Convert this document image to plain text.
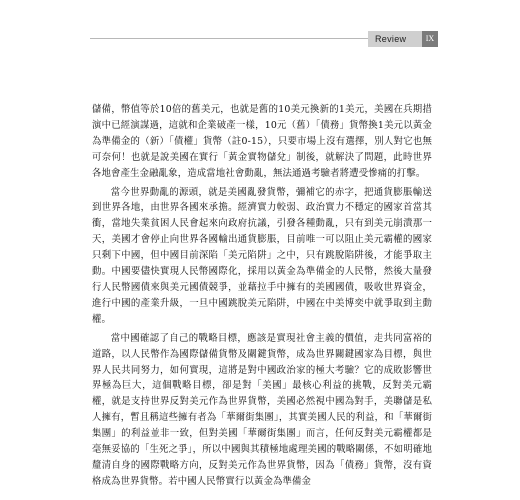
Review	IX

儲備，幣值等於10倍的舊美元，也就是舊的10美元換新的1美元，美國在兵期措演中已經演謀過，這就和企業破產一樣，10元（舊）「債務」貨幣換1美元以黃金為準備金的（新）「債權」貨幣（註0-15），只要市場上沒有選擇，別人對它也無可奈何！也就是說美國在實行「黃金實物儲兌」制後，就解決了問題，此時世界各地會產生金融亂象，造成當地社會動亂，無法通過考驗者將遭受慘痛的打擊。

當今世界動亂的源頭，就是美國亂發貨幣，彌補它的赤字，把通貨膨脹輸送到世界各地，由世界各國來承擔。經濟實力較弱、政治實力不穩定的國家首當其衝，當地失業貧困人民會起來向政府抗議，引發各種動亂，只有到美元崩潰那一天，美國才會停止向世界各國輸出通貨膨脹，目前唯一可以阻止美元霸權的國家只剩下中國，但中國目前深陷「美元陷阱」之中，只有跳脫陷阱後，才能爭取主動。中國要儘快實現人民幣國際化，採用以黃金為準備金的人民幣，然後大量發行人民幣國債來與美元國債競爭，並藉拉手中擁有的美國國債，吸收世界資金，進行中國的產業升級，一旦中國跳脫美元陷阱，中國在中美博奕中就爭取到主動權。

當中國確認了自己的戰略目標，應該是實現社會主義的價值，走共同富裕的道路，以人民幣作為國際儲備貨幣及關鍵貨幣，成為世界關鍵國家為目標，與世界人民共同努力，如何實現，這將是對中國政治家的極大考驗？它的成敗影響世界極為巨大，這個戰略目標，卻是對「美國」最核心利益的挑戰，反對美元霸權，就是支持世界反對美元作為世界貨幣，美國必然視中國為對手，美聯儲是私人擁有，暫且稱這些擁有者為「華爾街集團」，其實美國人民的利益，和「華爾街集團」的利益並非一致，但對美國「華爾街集團」而言，任何反對美元霸權都是毫無妥協的「生死之爭」，所以中國與其積極地處理美國的戰略關係，不如明確地釐清自身的國際戰略方向，反對美元作為世界貨幣，因為「債務」貨幣，沒有資格成為世界貨幣。若中國人民幣實行以黃金為準備金
